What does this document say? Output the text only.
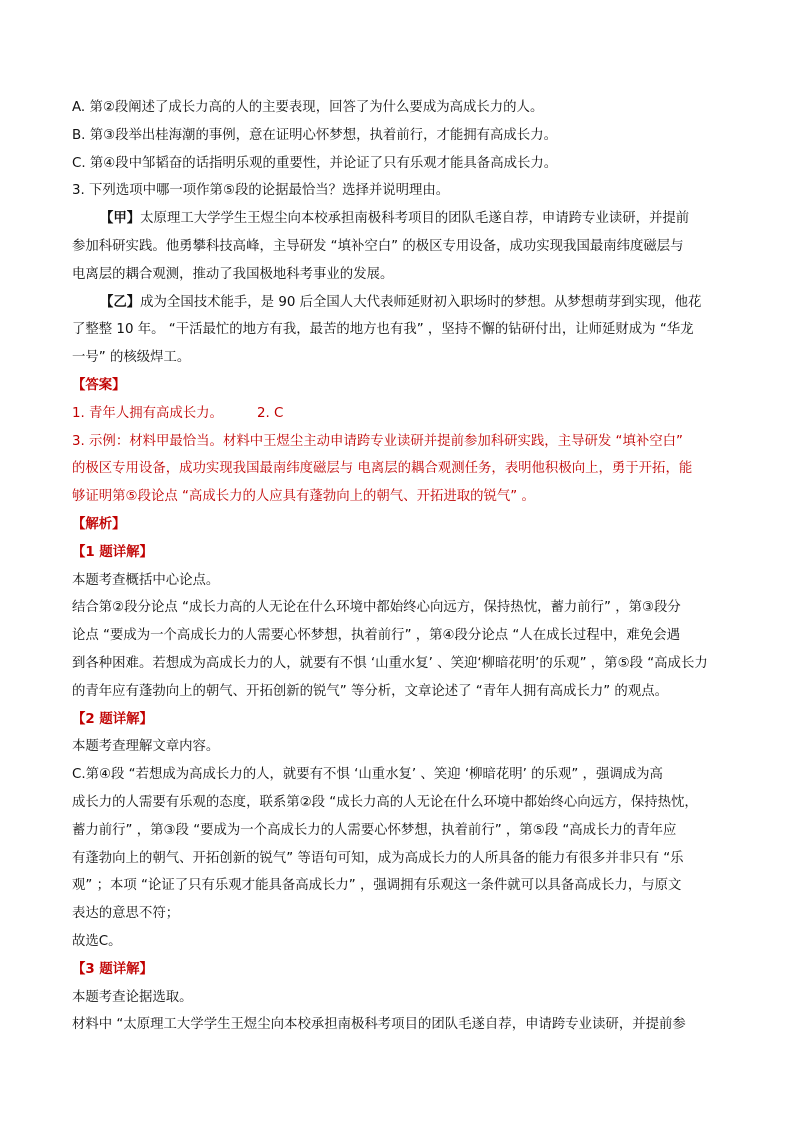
A. 第②段阐述了成长力高的人的主要表现，回答了为什么要成为高成长力的人。
B. 第③段举出桂海潮的事例，意在证明心怀梦想，执着前行，才能拥有高成长力。
C. 第④段中邹韬奋的话指明乐观的重要性，并论证了只有乐观才能具备高成长力。
3. 下列选项中哪一项作第⑤段的论据最恰当？选择并说明理由。
【甲】太原理工大学学生王煜尘向本校承担南极科考项目的团队毛遂自荐，申请跨专业读研，并提前
参加科研实践。他勇攀科技高峰，主导研发 “填补空白” 的极区专用设备，成功实现我国最南纬度磁层与
电离层的耦合观测，推动了我国极地科考事业的发展。
【乙】成为全国技术能手，是 90 后全国人大代表师延财初入职场时的梦想。从梦想萌芽到实现，他花
了整整 10 年。 “干活最忙的地方有我，最苦的地方也有我” ，坚持不懈的钻研付出，让师延财成为 “华龙
一号” 的核级焊工。
【答案】
1. 青年人拥有高成长力。	2. C
3. 示例：材料甲最恰当。材料中王煜尘主动申请跨专业读研并提前参加科研实践，主导研发 “填补空白”
的极区专用设备，成功实现我国最南纬度磁层与 电离层的耦合观测任务，表明他积极向上，勇于开拓，能
够证明第⑤段论点 “高成长力的人应具有蓬勃向上的朝气、开拓进取的锐气” 。
【解析】
【1 题详解】
本题考查概括中心论点。
结合第②段分论点 “成长力高的人无论在什么环境中都始终心向远方，保持热忱，蓄力前行” ，第③段分
论点 “要成为一个高成长力的人需要心怀梦想，执着前行” ，第④段分论点 “人在成长过程中，难免会遇
到各种困难。若想成为高成长力的人，就要有不惧 ‘山重水复’ 、笑迎‘柳暗花明’的乐观” ，第⑤段 “高成长力
的青年应有蓬勃向上的朝气、开拓创新的锐气” 等分析，文章论述了 “青年人拥有高成长力” 的观点。
【2 题详解】
本题考查理解文章内容。
C.第④段 “若想成为高成长力的人，就要有不惧 ‘山重水复’ 、笑迎 ‘柳暗花明’ 的乐观” ，强调成为高
成长力的人需要有乐观的态度，联系第②段 “成长力高的人无论在什么环境中都始终心向远方，保持热忱，
蓄力前行” ，第③段 “要成为一个高成长力的人需要心怀梦想，执着前行” ，第⑤段 “高成长力的青年应
有蓬勃向上的朝气、开拓创新的锐气” 等语句可知，成为高成长力的人所具备的能力有很多并非只有 “乐
观” ；本项 “论证了只有乐观才能具备高成长力” ，强调拥有乐观这一条件就可以具备高成长力，与原文
表达的意思不符；
故选C。
【3 题详解】
本题考查论据选取。
材料中 “太原理工大学学生王煜尘向本校承担南极科考项目的团队毛遂自荐，申请跨专业读研，并提前参
